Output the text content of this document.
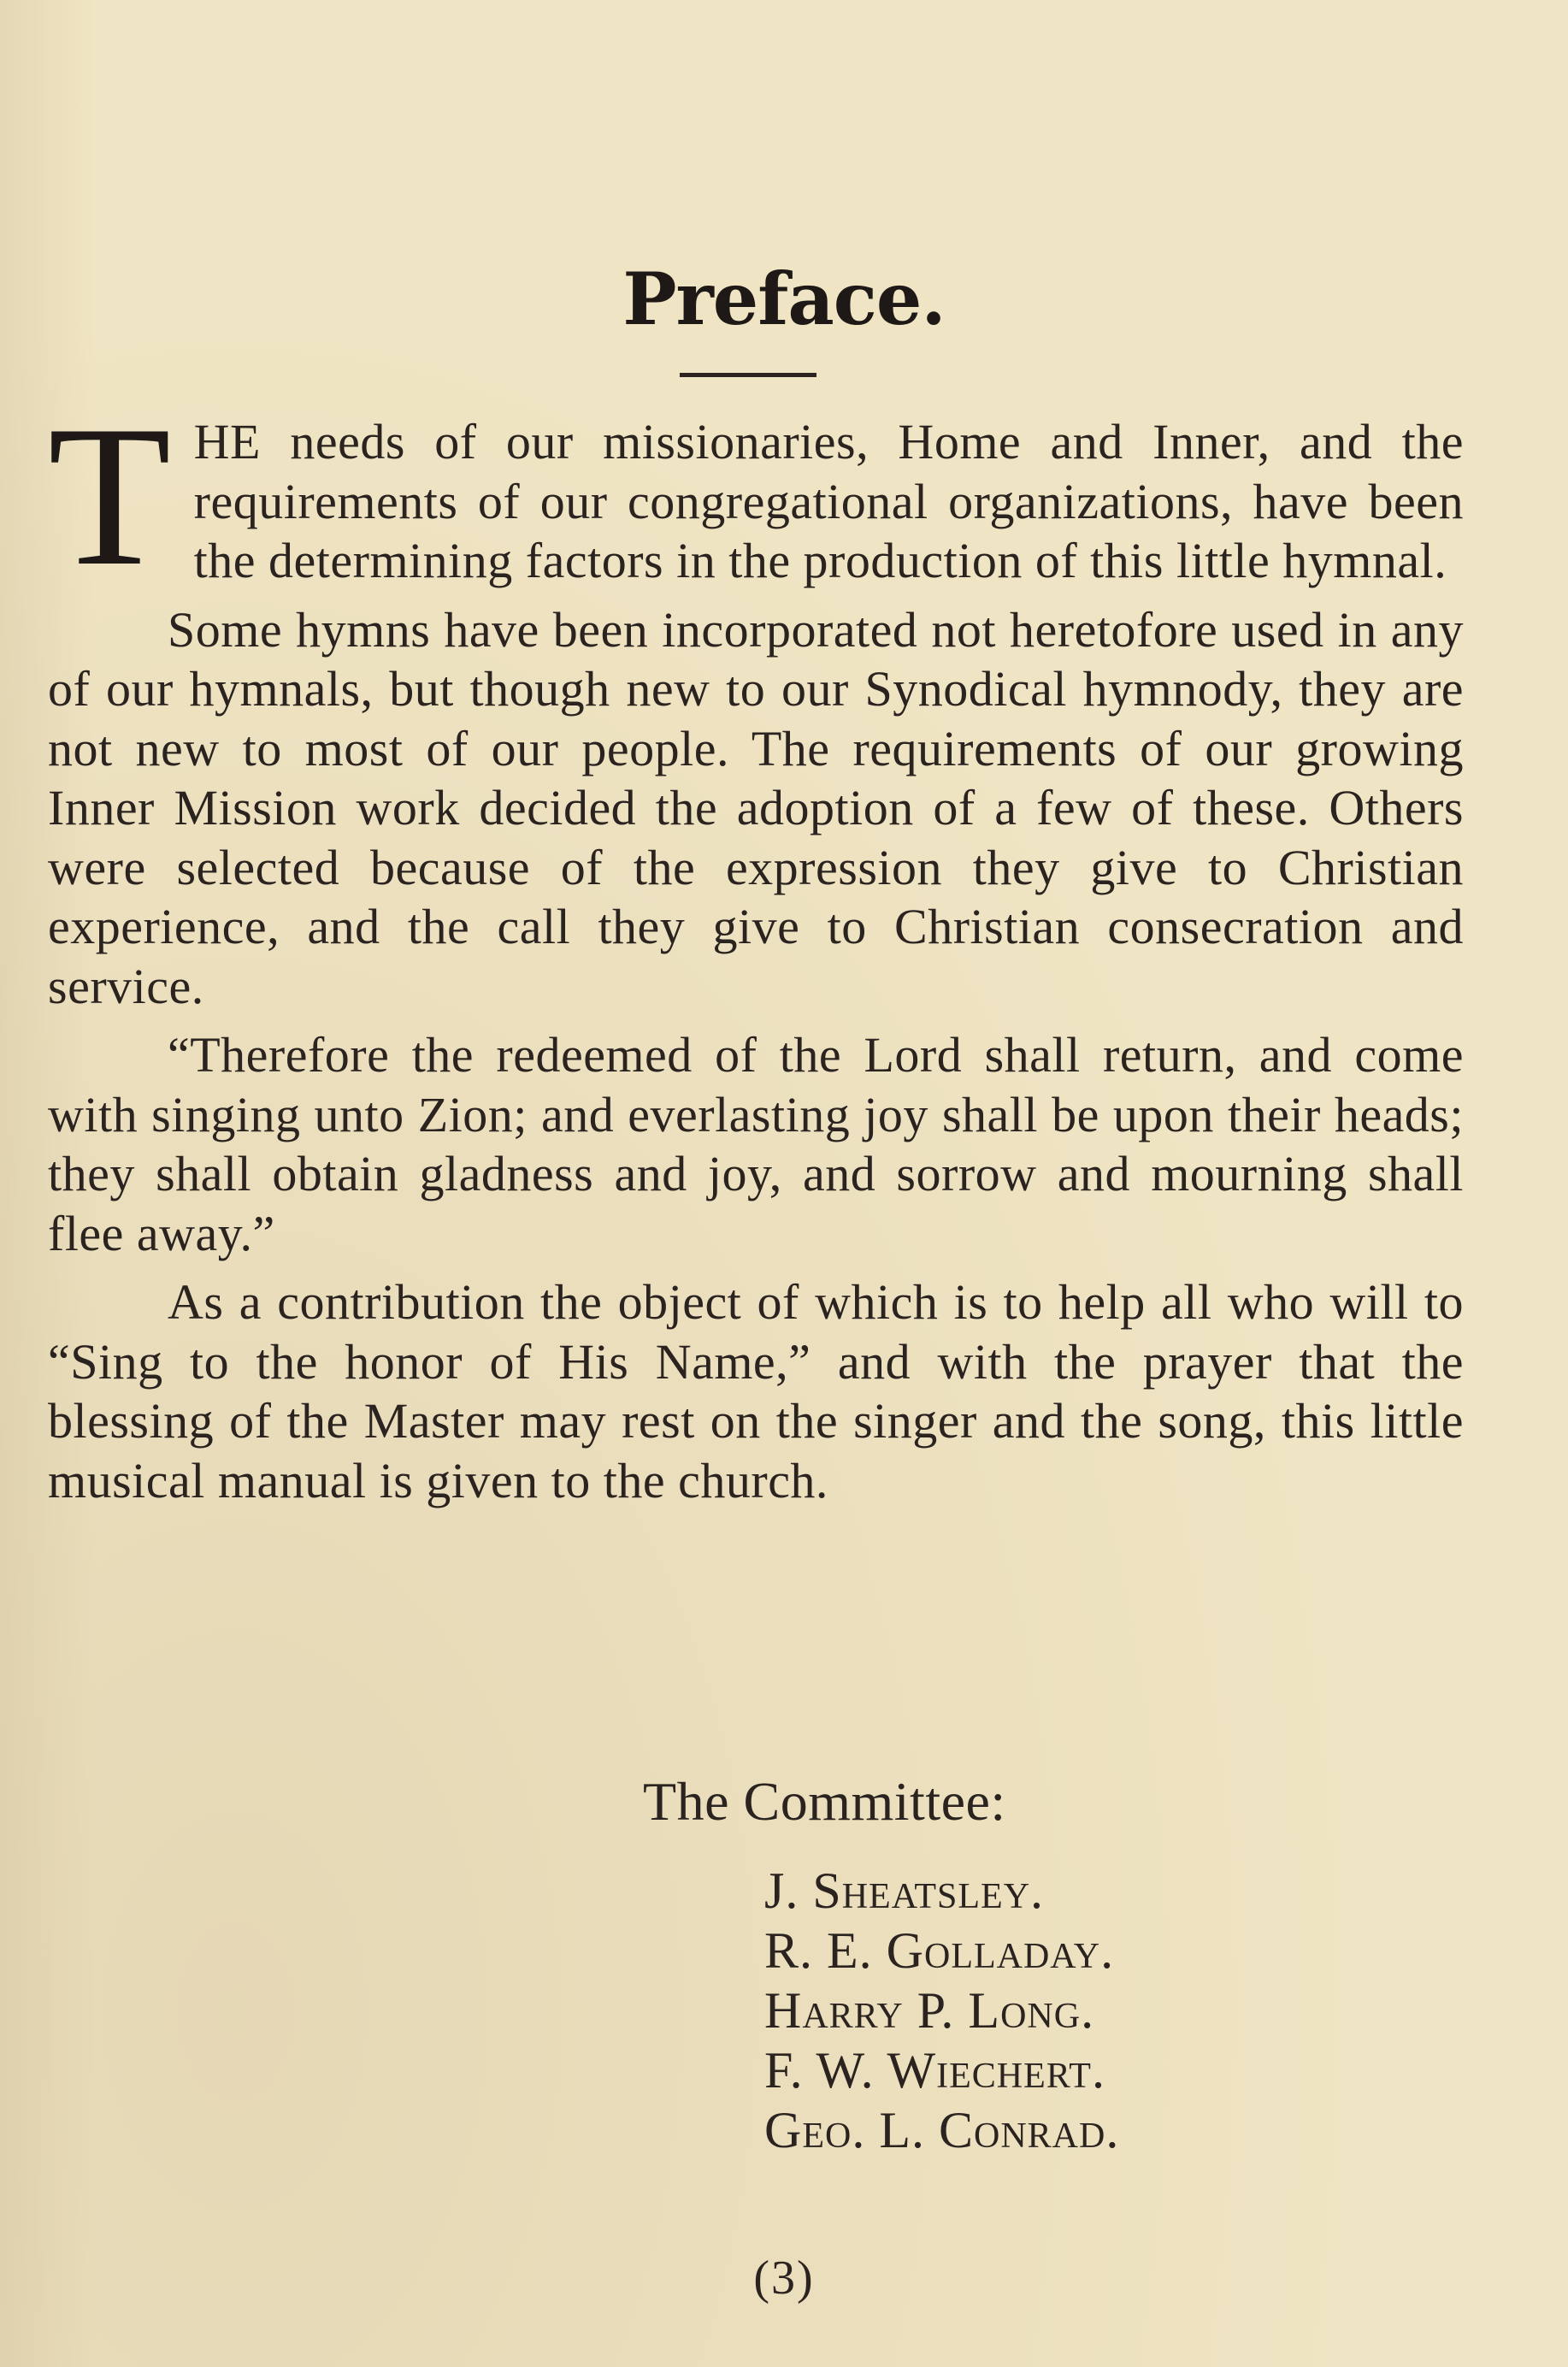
Preface.

THE needs of our missionaries, Home and Inner, and the requirements of our congregational organizations, have been the determining factors in the production of this little hymnal.

Some hymns have been incorporated not heretofore used in any of our hymnals, but though new to our Synodical hymnody, they are not new to most of our people. The requirements of our growing Inner Mission work decided the adoption of a few of these. Others were selected because of the expression they give to Christian experience, and the call they give to Christian consecration and service.

“Therefore the redeemed of the Lord shall return, and come with singing unto Zion; and everlasting joy shall be upon their heads; they shall obtain gladness and joy, and sorrow and mourning shall flee away.”

As a contribution the object of which is to help all who will to “Sing to the honor of His Name,” and with the prayer that the blessing of the Master may rest on the singer and the song, this little musical manual is given to the church.

The Committee:
J. Sheatsley.
R. E. Golladay.
Harry P. Long.
F. W. Wiechert.
Geo. L. Conrad.
(3)
